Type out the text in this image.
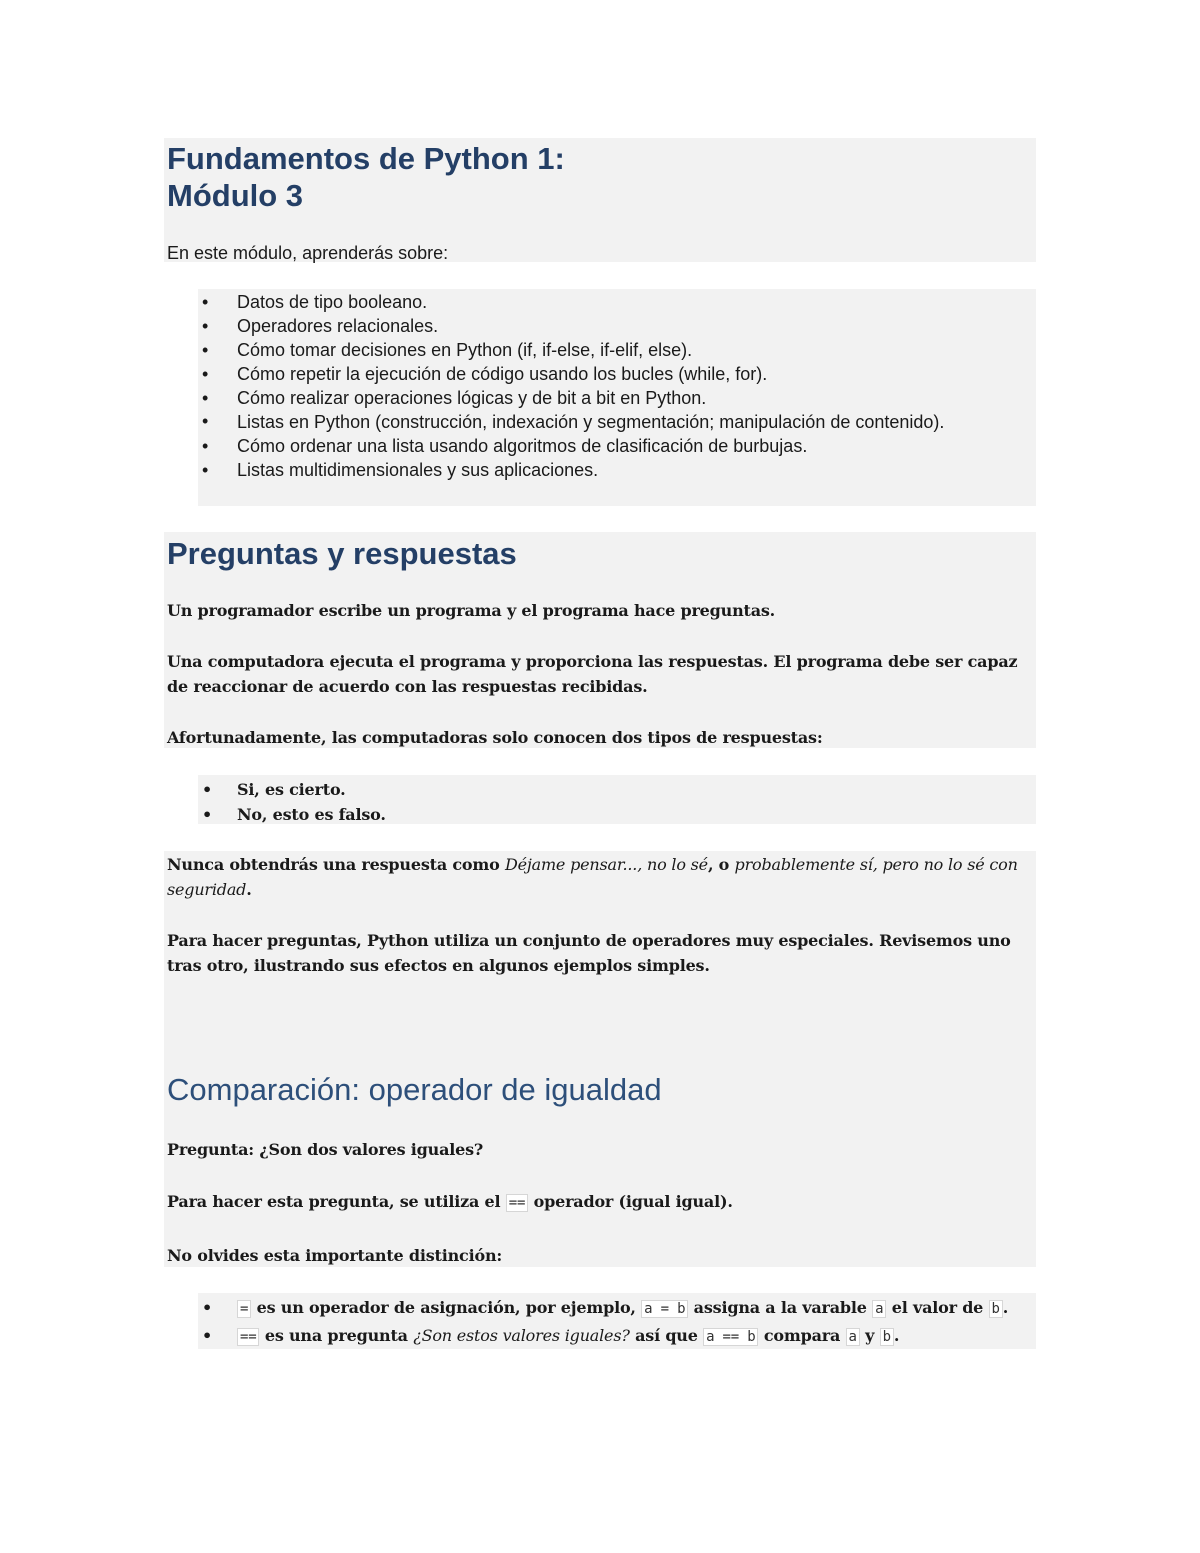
Fundamentos de Python 1:
Módulo 3

En este módulo, aprenderás sobre:

• Datos de tipo booleano.
• Operadores relacionales.
• Cómo tomar decisiones en Python (if, if-else, if-elif, else).
• Cómo repetir la ejecución de código usando los bucles (while, for).
• Cómo realizar operaciones lógicas y de bit a bit en Python.
• Listas en Python (construcción, indexación y segmentación; manipulación de contenido).
• Cómo ordenar una lista usando algoritmos de clasificación de burbujas.
• Listas multidimensionales y sus aplicaciones.
Preguntas y respuestas

Un programador escribe un programa y el programa hace preguntas.

Una computadora ejecuta el programa y proporciona las respuestas. El programa debe ser capaz de reaccionar de acuerdo con las respuestas recibidas.

Afortunadamente, las computadoras solo conocen dos tipos de respuestas:

• Si, es cierto.
• No, esto es falso.

Nunca obtendrás una respuesta como Déjame pensar..., no lo sé, o probablemente sí, pero no lo sé con seguridad.

Para hacer preguntas, Python utiliza un conjunto de operadores muy especiales. Revisemos uno tras otro, ilustrando sus efectos en algunos ejemplos simples.

Comparación: operador de igualdad

Pregunta: ¿Son dos valores iguales?

Para hacer esta pregunta, se utiliza el == operador (igual igual).

No olvides esta importante distinción:

• = es un operador de asignación, por ejemplo, a = b assigna a la varable a el valor de b .
• == es una pregunta ¿Son estos valores iguales? así que a == b compara a y b .
